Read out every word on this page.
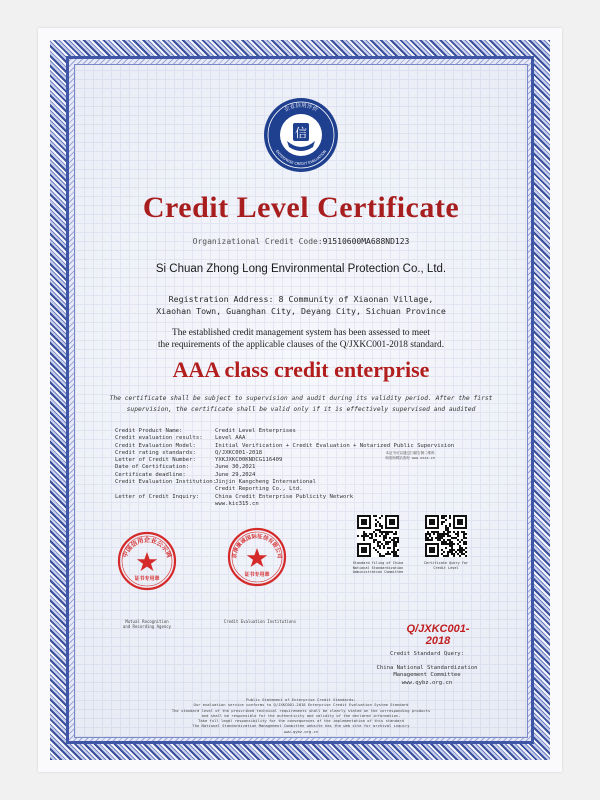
企业信用评价
ENTERPRISE CREDIT EVALUATION
信
Credit Level Certificate
Organizational Credit Code:91510600MA688ND123
Si Chuan Zhong Long Environmental Protection Co., Ltd.
Registration Address: 8 Community of Xiaonan Village,
Xiaohan Town, Guanghan City, Deyang City, Sichuan Province
The established credit management system has been assessed to meet
the requirements of the applicable clauses of the Q/JXKC001-2018 standard.
AAA class credit enterprise
The certificate shall be subject to supervision and audit during its validity period. After the first
supervision, the certificate shall be valid only if it is effectively supervised and audited
Credit Product Name:	Credit Level Enterprises
Credit evaluation results:	Level AAA
Credit Evaluation Model:	Initial Verification + Credit Evaluation + Notarized Public Supervision
Credit rating standards:	Q/JXKC001-2018
Letter of Credit Number:	YXKJXKC00KNDCG116409
Date of Certification:	June 30,2021
Certificate deadline:	June 29,2024
Credit Evaluation Institution:
Jinjin Kangcheng International
Credit Reporting Co., Ltd.
Letter of Credit Inquiry:	China Credit Enterprise Publicity Network
www.kic315.cn
本证书可以通过扫描右侧二维码
和查询网站查询 www.xxxx.cn
Standard filing of China National Standardization Administration Committee
Certificate Query for Credit Level
Q/JXKC001-
2018
Credit Standard Query:
China National Standardization
Management Committee
www.qybz.org.cn
中国信用企业公示网
证书专用章
Mutual Recognition
and Recording Agency
京津康诚国际征信有限公司
证书专用章
Credit Evaluation Institutions
Public Statement of Enterprise Credit Standards:
Our evaluation service conforms to Q/JXKC001-2018 Enterprise Credit Evaluation System Standard
The standard level of the prescribed technical requirements shall be clearly stated on the corresponding products
and shall be responsible for the authenticity and validity of the declared information.
Take full legal responsibility for the consequences of the implementation of this standard
The National Standardization Management Committee website has the web site for archival inquiry
www.qybz.org.cn
